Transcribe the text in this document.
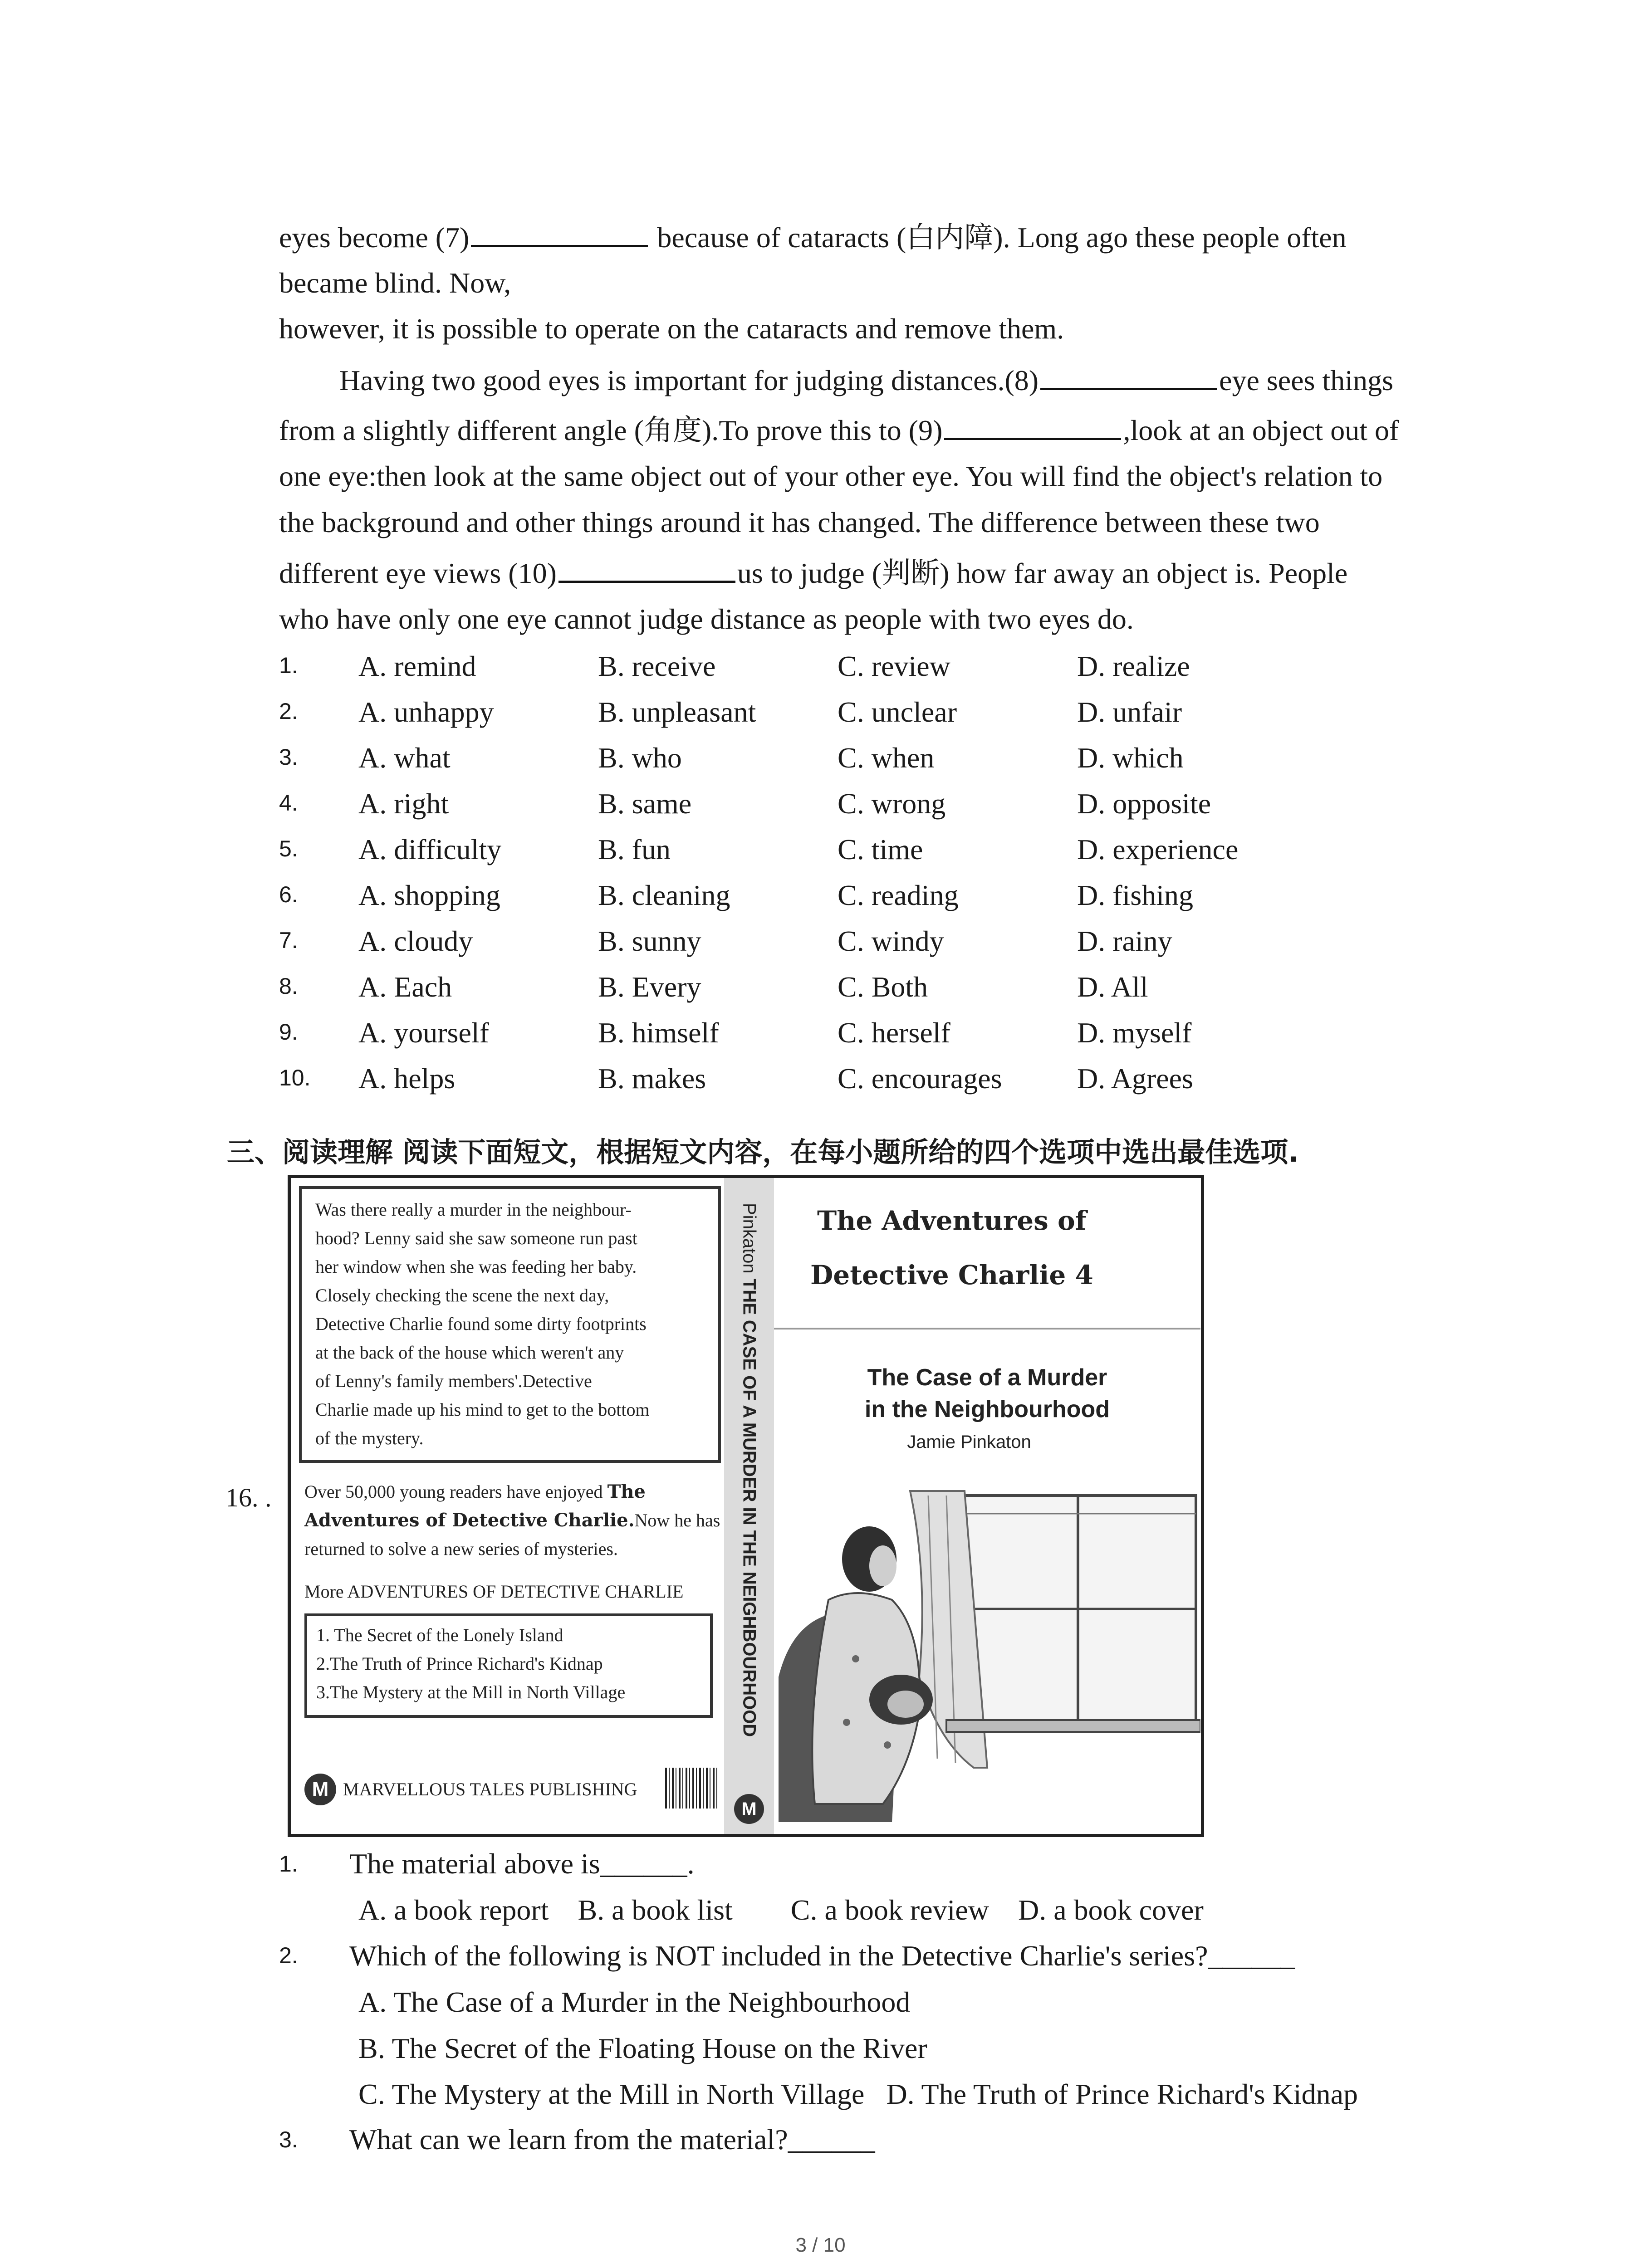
eyes become (7)	because of cataracts (白内障). Long ago these people often
became blind. Now,
however, it is possible to operate on the cataracts and remove them.
Having two good eyes is important for judging distances.(8)	eye sees things
from a slightly different angle (角度).To prove this to (9)	,look at an object out of
one eye:then look at the same object out of your other eye. You will find the object's relation to
the background and other things around it has changed. The difference between these two
different eye views (10)	us to judge (判断) how far away an object is. People
who have only one eye cannot judge distance as people with two eyes do.
1. A. remind	B. receive	C. review	D. realize
2. A. unhappy	B. unpleasant	C. unclear	D. unfair
3. A. what	B. who	C. when	D. which
4. A. right	B. same	C. wrong	D. opposite
5. A. difficulty	B. fun	C. time	D. experience
6. A. shopping	B. cleaning	C. reading	D. fishing
7. A. cloudy	B. sunny	C. windy	D. rainy
8. A. Each	B. Every	C. Both	D. All
9. A. yourself	B. himself	C. herself	D. myself
10. A. helps	B. makes	C. encourages	D. Agrees
三、阅读理解 阅读下面短文，根据短文内容，在每小题所给的四个选项中选出最佳选项.
16. .
Was there really a murder in the neighbour-
hood? Lenny said she saw someone run past
her window when she was feeding her baby.
Closely checking the scene the next day,
Detective Charlie found some dirty footprints
at the back of the house which weren't any
of Lenny's family members'.Detective
Charlie made up his mind to get to the bottom
of the mystery.
Over 50,000 young readers have enjoyed The
Adventures of Detective Charlie.Now he has
returned to solve a new series of mysteries.
More ADVENTURES OF DETECTIVE CHARLIE
1. The Secret of the Lonely Island
2.The Truth of Prince Richard's Kidnap
3.The Mystery at the Mill in North Village
M MARVELLOUS TALES PUBLISHING
Pinkaton THE CASE OF A MURDER IN THE NEIGHBOURHOOD
M
The Adventures of
Detective Charlie 4
The Case of a Murder
in the Neighbourhood
Jamie Pinkaton
1. The material above is______.
A. a book report    B. a book list        C. a book review    D. a book cover
2. Which of the following is NOT included in the Detective Charlie's series?______
A. The Case of a Murder in the Neighbourhood
B. The Secret of the Floating House on the River
C. The Mystery at the Mill in North Village   D. The Truth of Prince Richard's Kidnap
3. What can we learn from the material?______
3 / 10
